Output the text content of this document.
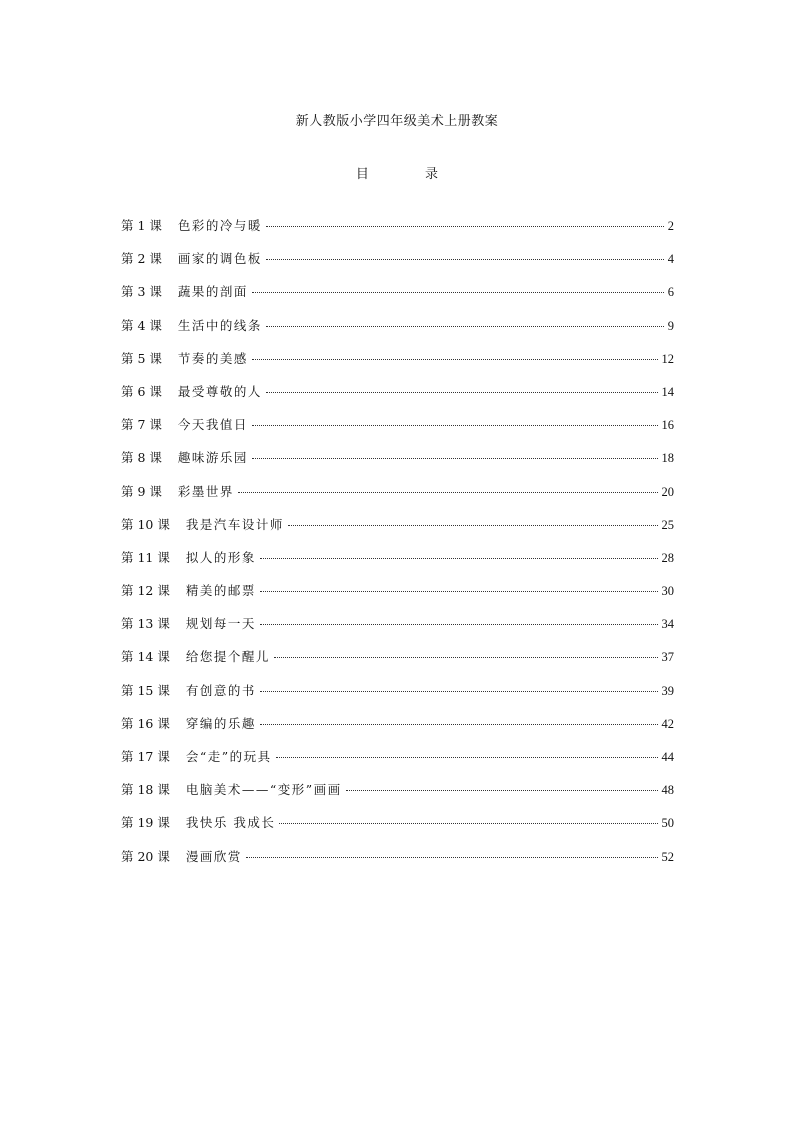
新人教版小学四年级美术上册教案
目 录
第 1 课 色彩的冷与暖	2
第 2 课 画家的调色板	4
第 3 课 蔬果的剖面	6
第 4 课 生活中的线条	9
第 5 课 节奏的美感	12
第 6 课 最受尊敬的人	14
第 7 课 今天我值日	16
第 8 课 趣味游乐园	18
第 9 课 彩墨世界	20
第 10 课 我是汽车设计师	25
第 11 课 拟人的形象	28
第 12 课 精美的邮票	30
第 13 课 规划每一天	34
第 14 课 给您提个醒儿	37
第 15 课 有创意的书	39
第 16 课 穿编的乐趣	42
第 17 课 会“走”的玩具	44
第 18 课 电脑美术——“变形”画画	48
第 19 课 我快乐 我成长	50
第 20 课 漫画欣赏	52
